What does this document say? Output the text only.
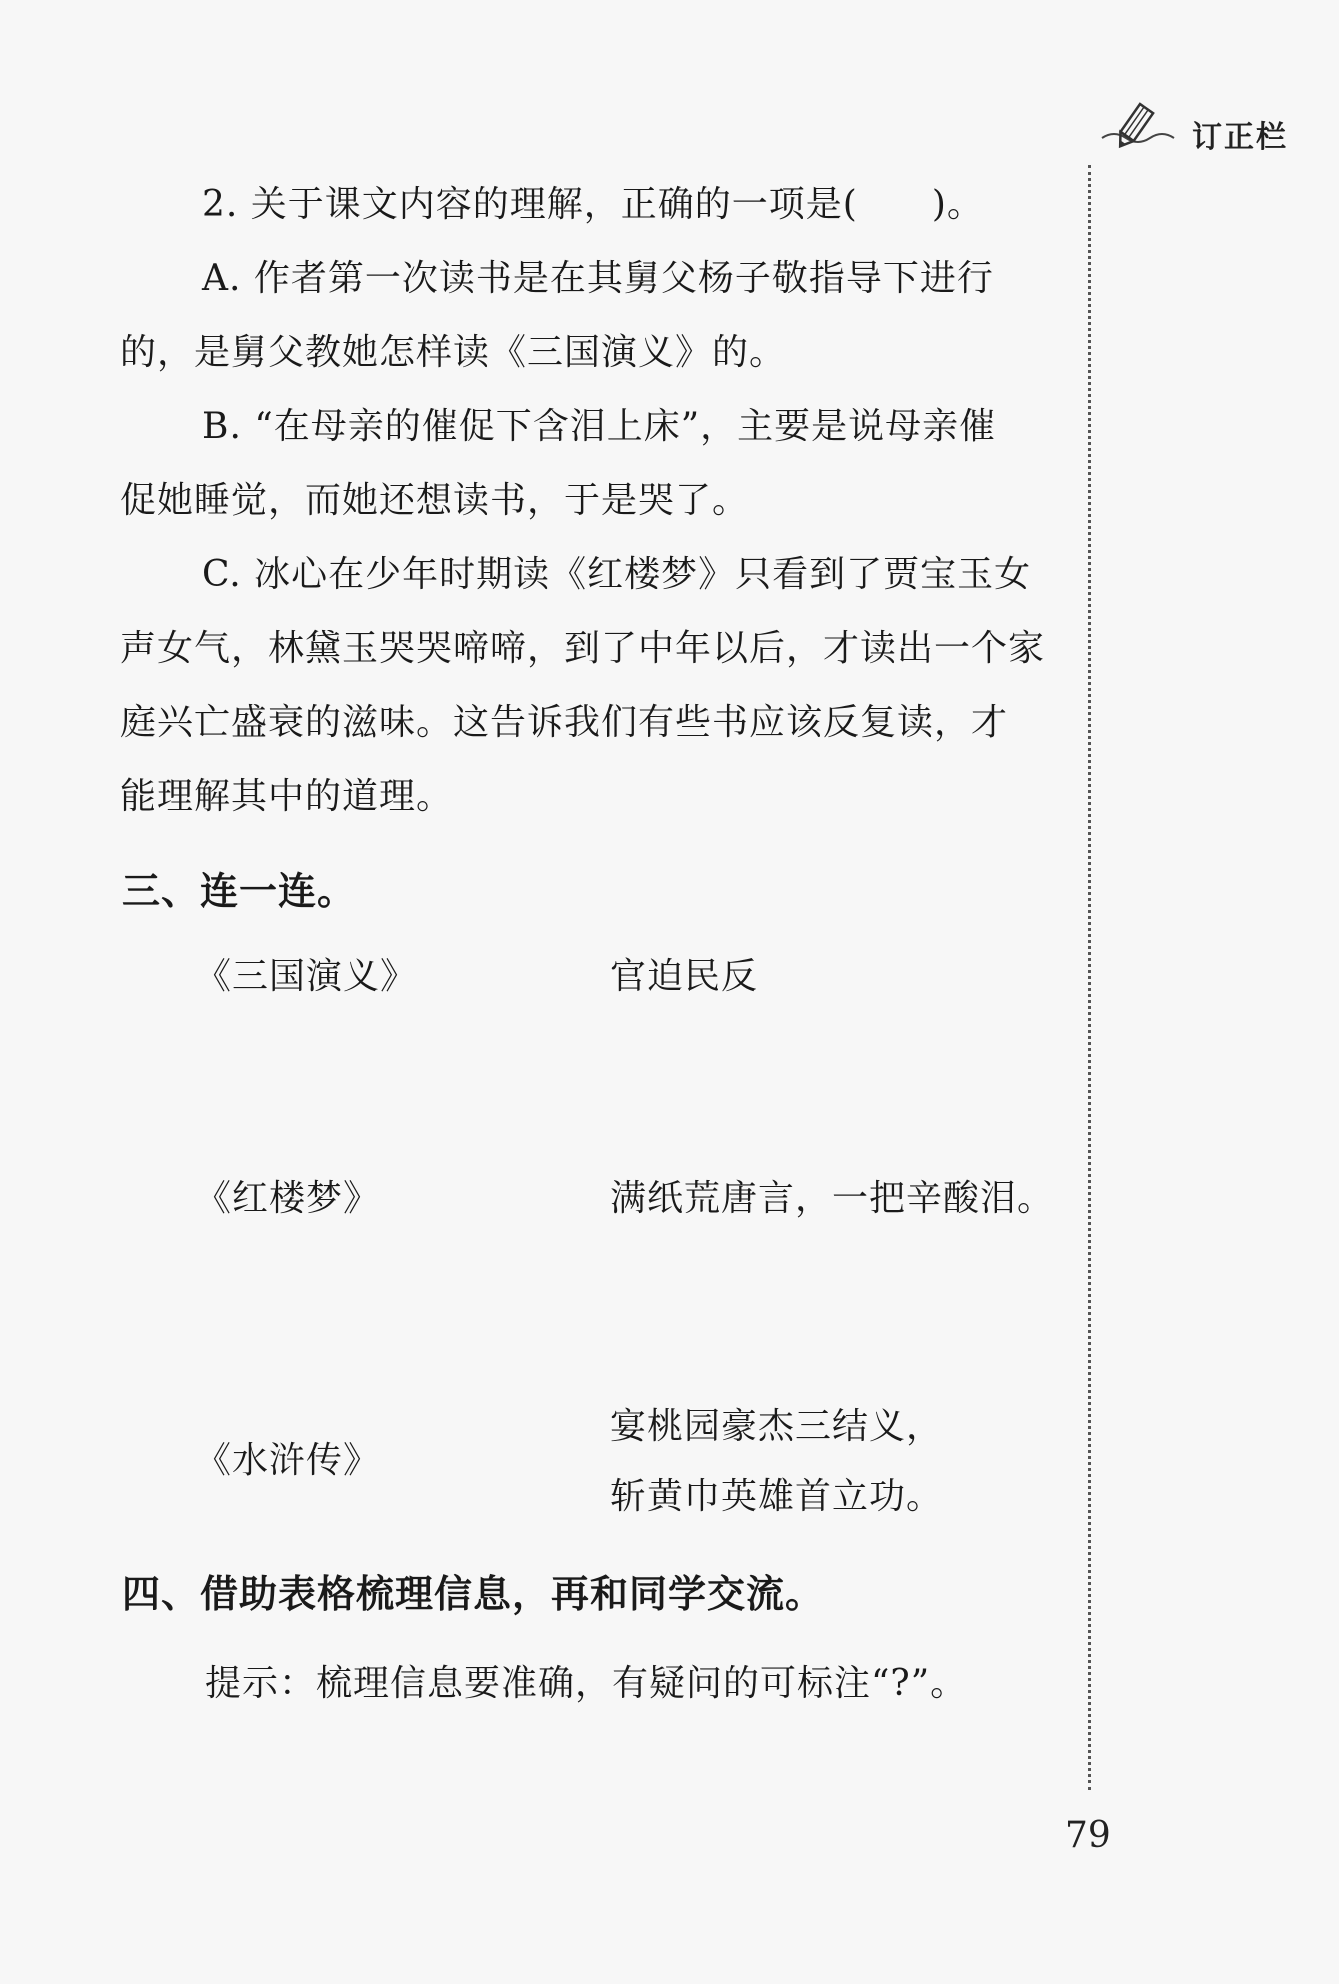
订正栏
2. 关于课文内容的理解，正确的一项是(　　)。
A. 作者第一次读书是在其舅父杨子敬指导下进行
的，是舅父教她怎样读《三国演义》的。
B. “在母亲的催促下含泪上床”，主要是说母亲催
促她睡觉，而她还想读书，于是哭了。
C. 冰心在少年时期读《红楼梦》只看到了贾宝玉女
声女气，林黛玉哭哭啼啼，到了中年以后，才读出一个家
庭兴亡盛衰的滋味。这告诉我们有些书应该反复读，才
能理解其中的道理。
三、连一连。
《三国演义》	官迫民反
《红楼梦》	满纸荒唐言，一把辛酸泪。
《水浒传》
宴桃园豪杰三结义，
斩黄巾英雄首立功。
四、借助表格梳理信息，再和同学交流。
提示：梳理信息要准确，有疑问的可标注“?”。
79
